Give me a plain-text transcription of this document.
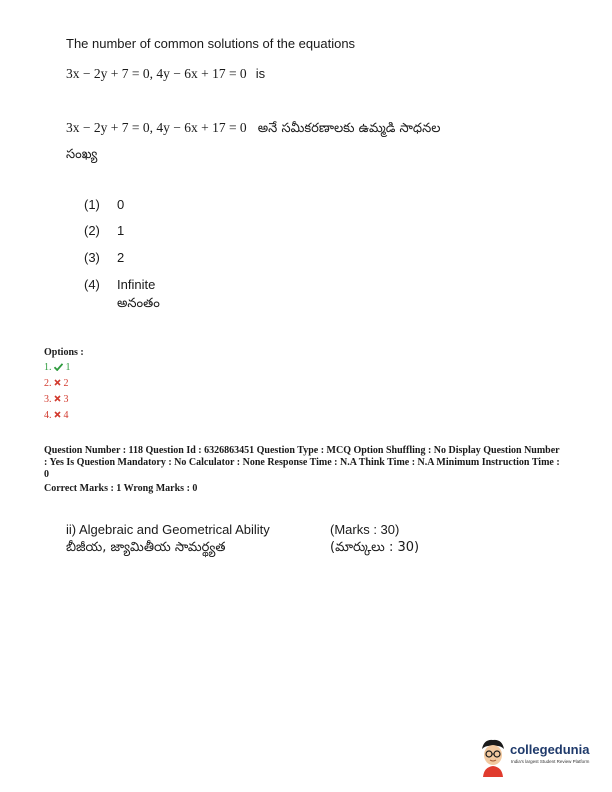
The number of common solutions of the equations
3x − 2y + 7 = 0, 4y − 6x + 17 = 0 is
3x − 2y + 7 = 0, 4y − 6x + 17 = 0 అనే సమీకరణాలకు ఉమ్మడి సాధనల
సంఖ్య
(1) 0
(2) 1
(3) 2
(4) Infinite
అనంతం
Options :
1. 1
2. 2
3. 3
4. 4
Question Number : 118 Question Id : 6326863451 Question Type : MCQ Option Shuffling : No Display Question Number : Yes Is Question Mandatory : No Calculator : None Response Time : N.A Think Time : N.A Minimum Instruction Time : 0
Correct Marks : 1 Wrong Marks : 0
ii) Algebraic and Geometrical Ability
బీజీయ, జ్యామితీయ సామర్థ్యత
(Marks : 30)
(మార్కులు : 30)
collegedunia
India's largest Student Review Platform
